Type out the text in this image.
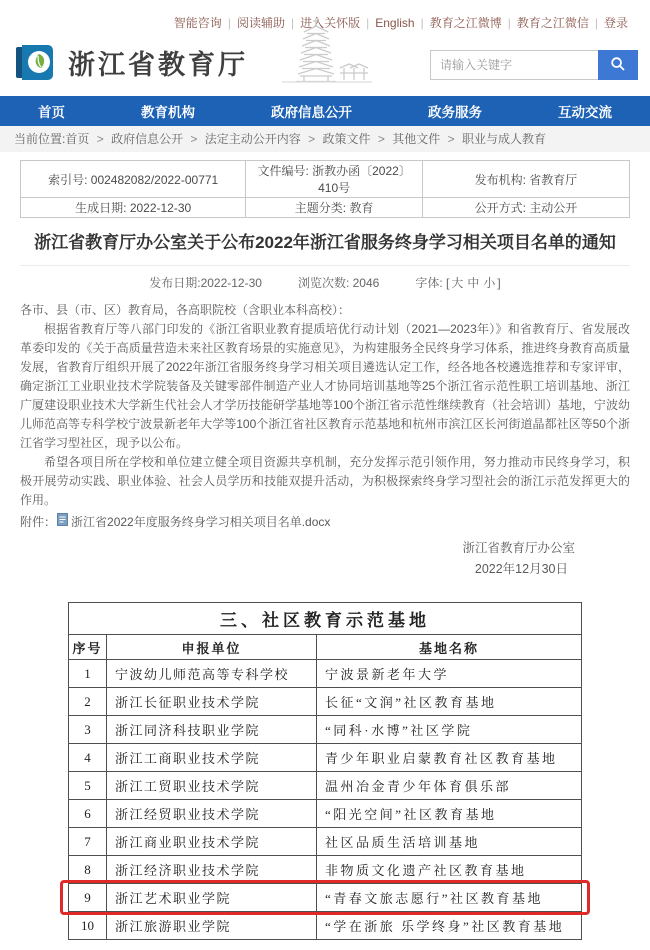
智能咨询 | 阅读辅助 | 进入关怀版 | English | 教育之江微博 | 教育之江微信 | 登录
浙江省教育厅
请输入关键字
首页	教育机构	政府信息公开	政务服务	互动交流
当前位置:首页 > 政府信息公开 > 法定主动公开内容 > 政策文件 > 其他文件 > 职业与成人教育
索引号: 002482082/2022-00771	文件编号: 浙教办函〔2022〕410号	发布机构: 省教育厅
生成日期: 2022-12-30	主题分类: 教育	公开方式: 主动公开
浙江省教育厅办公室关于公布2022年浙江省服务终身学习相关项目名单的通知
发布日期:2022-12-30	浏览次数: 2046	字体: [ 大 中 小 ]

各市、县（市、区）教育局，各高职院校（含职业本科高校）：

根据省教育厅等八部门印发的《浙江省职业教育提质培优行动计划（2021—2023年）》和省教育厅、省发展改革委印发的《关于高质量营造未来社区教育场景的实施意见》，为构建服务全民终身学习体系，推进终身教育高质量发展，省教育厅组织开展了2022年浙江省服务终身学习相关项目遴选认定工作，经各地各校遴选推荐和专家评审，确定浙江工业职业技术学院装备及关键零部件制造产业人才协同培训基地等25个浙江省示范性职工培训基地、浙江广厦建设职业技术大学新生代社会人才学历技能研学基地等100个浙江省示范性继续教育（社会培训）基地，宁波幼儿师范高等专科学校宁波景新老年大学等100个浙江省社区教育示范基地和杭州市滨江区长河街道晶都社区等50个浙江省学习型社区，现予以公布。

希望各项目所在学校和单位建立健全项目资源共享机制，充分发挥示范引领作用，努力推动市民终身学习，积极开展劳动实践、职业体验、社会人员学历和技能双提升活动，为积极探索终身学习型社会的浙江示范发挥更大的作用。

附件： 浙江省2022年度服务终身学习相关项目名单.docx
浙江省教育厅办公室
2022年12月30日
三、社区教育示范基地		
序号	申报单位	基地名称
1	宁波幼儿师范高等专科学校	宁波景新老年大学
2	浙江长征职业技术学院	长征“文润”社区教育基地
3	浙江同济科技职业学院	“同科·水博”社区学院
4	浙江工商职业技术学院	青少年职业启蒙教育社区教育基地
5	浙江工贸职业技术学院	温州冶金青少年体育俱乐部
6	浙江经贸职业技术学院	“阳光空间”社区教育基地
7	浙江商业职业技术学院	社区品质生活培训基地
8	浙江经济职业技术学院	非物质文化遗产社区教育基地
9	浙江艺术职业学院	“青春文旅志愿行”社区教育基地
10	浙江旅游职业学院	“学在浙旅 乐学终身”社区教育基地
